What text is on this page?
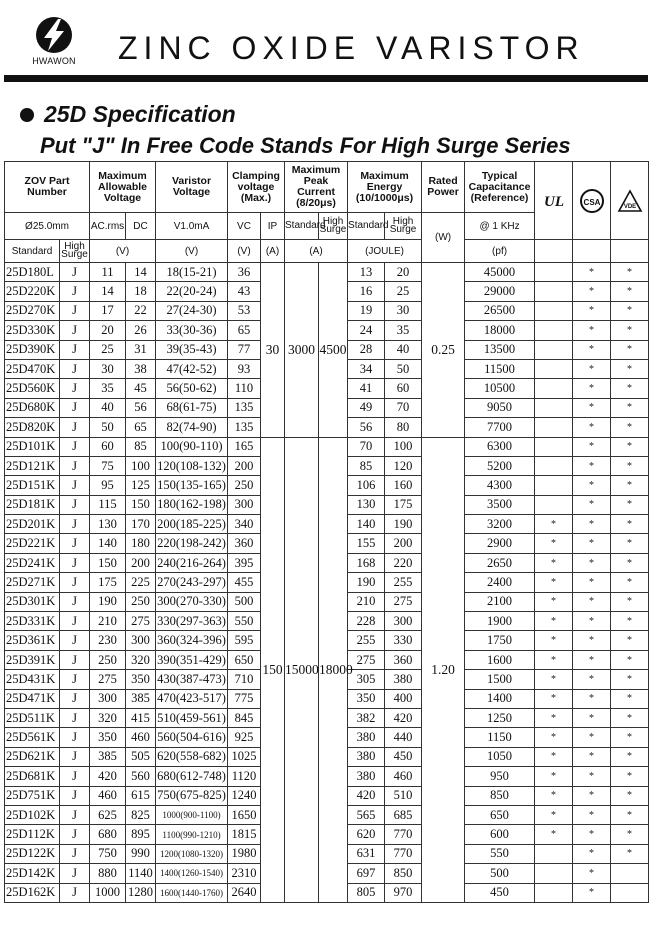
HWAWON ZINC OXIDE VARISTOR
25D Specification
Put "J" In Free Code Stands For High Surge Series
ZOV Part Number		Maximum Allowable Voltage		Varistor Voltage	Clamping voltage (Max.)		Maximum Peak Current (8/20μs)		Maximum Energy (10/1000μs)		Rated Power	Typical Capacitance (Reference)	UL	CSA	VDE

Ø25.0mm		AC.rms	DC	V1.0mA	VC	IP	Standard	High Surge	Standard	High Surge	(W)	@ 1 KHz			
Standard	High Surge	(V)		(V)	(V)	(A)	(A)		(JOULE)			(pf)			
25D180L	J	11	14	18(15-21)	36	30	3000	4500	13	20	0.25	45000		*	*
25D220K	J	14	18	22(20-24)	43				16	25		29000		*	*
25D270K	J	17	22	27(24-30)	53				19	30		26500		*	*
25D330K	J	20	26	33(30-36)	65				24	35		18000		*	*
25D390K	J	25	31	39(35-43)	77				28	40		13500		*	*
25D470K	J	30	38	47(42-52)	93				34	50		11500		*	*
25D560K	J	35	45	56(50-62)	110				41	60		10500		*	*
25D680K	J	40	56	68(61-75)	135				49	70		9050		*	*
25D820K	J	50	65	82(74-90)	135				56	80		7700		*	*
25D101K	J	60	85	100(90-110)	165	150	15000	18000	70	100	1.20	6300		*	*
25D121K	J	75	100	120(108-132)	200				85	120		5200		*	*
25D151K	J	95	125	150(135-165)	250				106	160		4300		*	*
25D181K	J	115	150	180(162-198)	300				130	175		3500		*	*
25D201K	J	130	170	200(185-225)	340				140	190		3200	*	*	*
25D221K	J	140	180	220(198-242)	360				155	200		2900	*	*	*
25D241K	J	150	200	240(216-264)	395				168	220		2650	*	*	*
25D271K	J	175	225	270(243-297)	455				190	255		2400	*	*	*
25D301K	J	190	250	300(270-330)	500				210	275		2100	*	*	*
25D331K	J	210	275	330(297-363)	550				228	300		1900	*	*	*
25D361K	J	230	300	360(324-396)	595				255	330		1750	*	*	*
25D391K	J	250	320	390(351-429)	650				275	360		1600	*	*	*
25D431K	J	275	350	430(387-473)	710				305	380		1500	*	*	*
25D471K	J	300	385	470(423-517)	775				350	400		1400	*	*	*
25D511K	J	320	415	510(459-561)	845				382	420		1250	*	*	*
25D561K	J	350	460	560(504-616)	925				380	440		1150	*	*	*
25D621K	J	385	505	620(558-682)	1025				380	450		1050	*	*	*
25D681K	J	420	560	680(612-748)	1120				380	460		950	*	*	*
25D751K	J	460	615	750(675-825)	1240				420	510		850	*	*	*
25D102K	J	625	825	1000(900-1100)	1650				565	685		650	*	*	*
25D112K	J	680	895	1100(990-1210)	1815				620	770		600	*	*	*
25D122K	J	750	990	1200(1080-1320)	1980				631	770		550		*	*
25D142K	J	880	1140	1400(1260-1540)	2310				697	850		500		*	
25D162K	J	1000	1280	1600(1440-1760)	2640				805	970		450		*	
